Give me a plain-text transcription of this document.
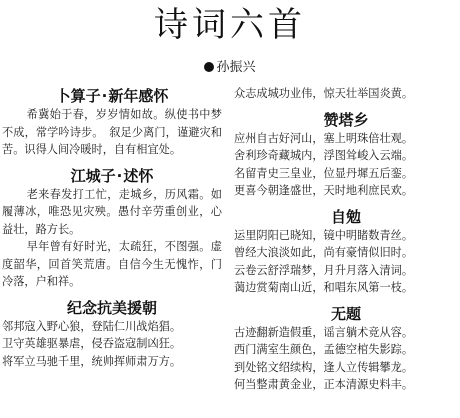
诗词六首
孙振兴
卜算子·新年感怀

希冀始于春，岁岁情如故。纵使书中梦不成，常学吟诗步。　叙足少离门，谨避灾和苦。识得人间冷暖时，自有相宜处。

江城子·述怀

老来春发打工忙，走城乡，历风霜。如履薄冰，唯恐见灾殃。愚付辛劳重创业，心益壮，路方长。

早年曾有好时光，太疏狂，不图强。虚度韶华，回首笑荒唐。自信今生无愧怍，门冷落，户和祥。

纪念抗美援朝

邻邦寇入野心狼，登陆仁川战焰猖。

卫守英雄驱暴虐，侵吞盗寇制凶狂。

将军立马驰千里，统帅挥师肃万方。

众志成城功业伟，惊天壮举国炎黄。

赞塔乡

应州自古好河山，塞上明珠倍壮观。

舍利珍奇藏城内，浮图耸峻入云端。

名留青史三皇业，位显丹墀五后銮。

更喜今朝逢盛世，天时地利庶民欢。

自勉

运里阴阳已晓知，镜中明睹数青丝。

曾经大浪淡如此，尚有豪情似旧时。

云卷云舒浮瑞梦，月升月落入清词。

蔼边赏菊南山近，和唱东风第一枝。

无题

古迹翻新造假重，谣言躺术竞从容。

西门满室生颜色，孟德空棺失影踪。

到处铭文绍续构，逢人立传辑攀龙。

何当整肃黄金业，正本清源史料丰。
